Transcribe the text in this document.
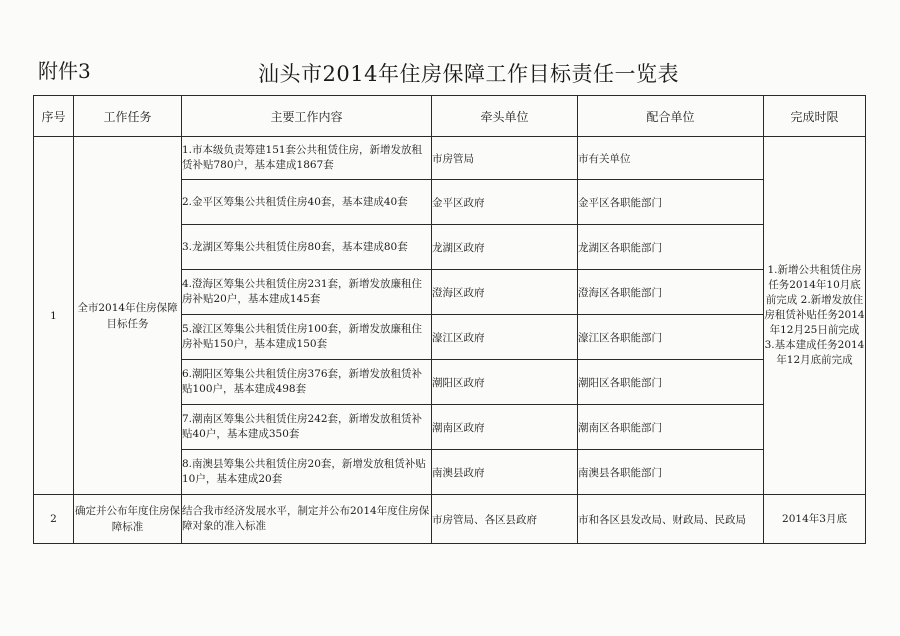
附件3	汕头市2014年住房保障工作目标责任一览表
序号	工作任务	主要工作内容	牵头单位	配合单位	完成时限
1	全市2014年住房保障目标任务	1.市本级负责筹建151套公共租赁住房，新增发放租赁补贴780户，基本建成1867套	市房管局	市有关单位	1.新增公共租赁住房任务2014年10月底前完成 2.新增发放住房租赁补贴任务2014年12月25日前完成 3.基本建成任务2014年12月底前完成
		2.金平区筹集公共租赁住房40套，基本建成40套	金平区政府	金平区各职能部门	
		3.龙湖区筹集公共租赁住房80套，基本建成80套	龙湖区政府	龙湖区各职能部门	
		4.澄海区筹集公共租赁住房231套，新增发放廉租住房补贴20户，基本建成145套	澄海区政府	澄海区各职能部门	
		5.濠江区筹集公共租赁住房100套，新增发放廉租住房补贴150户，基本建成150套	濠江区政府	濠江区各职能部门	
		6.潮阳区筹集公共租赁住房376套，新增发放租赁补贴100户，基本建成498套	潮阳区政府	潮阳区各职能部门	
		7.潮南区筹集公共租赁住房242套，新增发放租赁补贴40户，基本建成350套	潮南区政府	潮南区各职能部门	
		8.南澳县筹集公共租赁住房20套，新增发放租赁补贴10户，基本建成20套	南澳县政府	南澳县各职能部门	
2	确定并公布年度住房保障标准	结合我市经济发展水平，制定并公布2014年度住房保障对象的准入标准	市房管局、各区县政府	市和各区县发改局、财政局、民政局	2014年3月底
